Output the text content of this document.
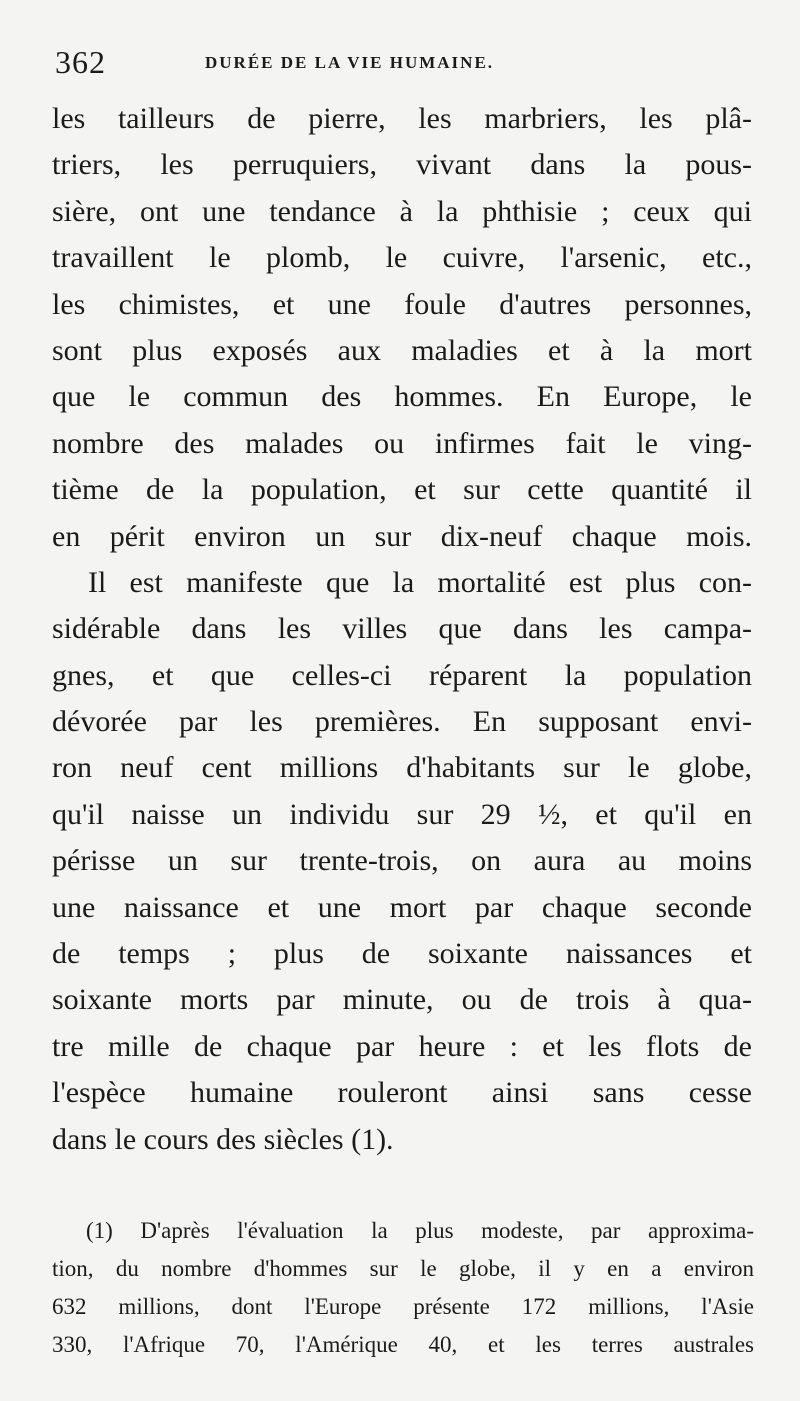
362	DURÉE DE LA VIE HUMAINE.
les tailleurs de pierre, les marbriers, les plâ-
triers, les perruquiers, vivant dans la pous-
sière, ont une tendance à la phthisie ; ceux qui
travaillent le plomb, le cuivre, l'arsenic, etc.,
les chimistes, et une foule d'autres personnes,
sont plus exposés aux maladies et à la mort
que le commun des hommes. En Europe, le
nombre des malades ou infirmes fait le ving-
tième de la population, et sur cette quantité il
en périt environ un sur dix-neuf chaque mois.
Il est manifeste que la mortalité est plus con-
sidérable dans les villes que dans les campa-
gnes, et que celles-ci réparent la population
dévorée par les premières. En supposant envi-
ron neuf cent millions d'habitants sur le globe,
qu'il naisse un individu sur 29 ½, et qu'il en
périsse un sur trente-trois, on aura au moins
une naissance et une mort par chaque seconde
de temps ; plus de soixante naissances et
soixante morts par minute, ou de trois à qua-
tre mille de chaque par heure : et les flots de
l'espèce humaine rouleront ainsi sans cesse
dans le cours des siècles (1).
(1) D'après l'évaluation la plus modeste, par approxima-
tion, du nombre d'hommes sur le globe, il y en a environ
632 millions, dont l'Europe présente 172 millions, l'Asie
330, l'Afrique 70, l'Amérique 40, et les terres australes
